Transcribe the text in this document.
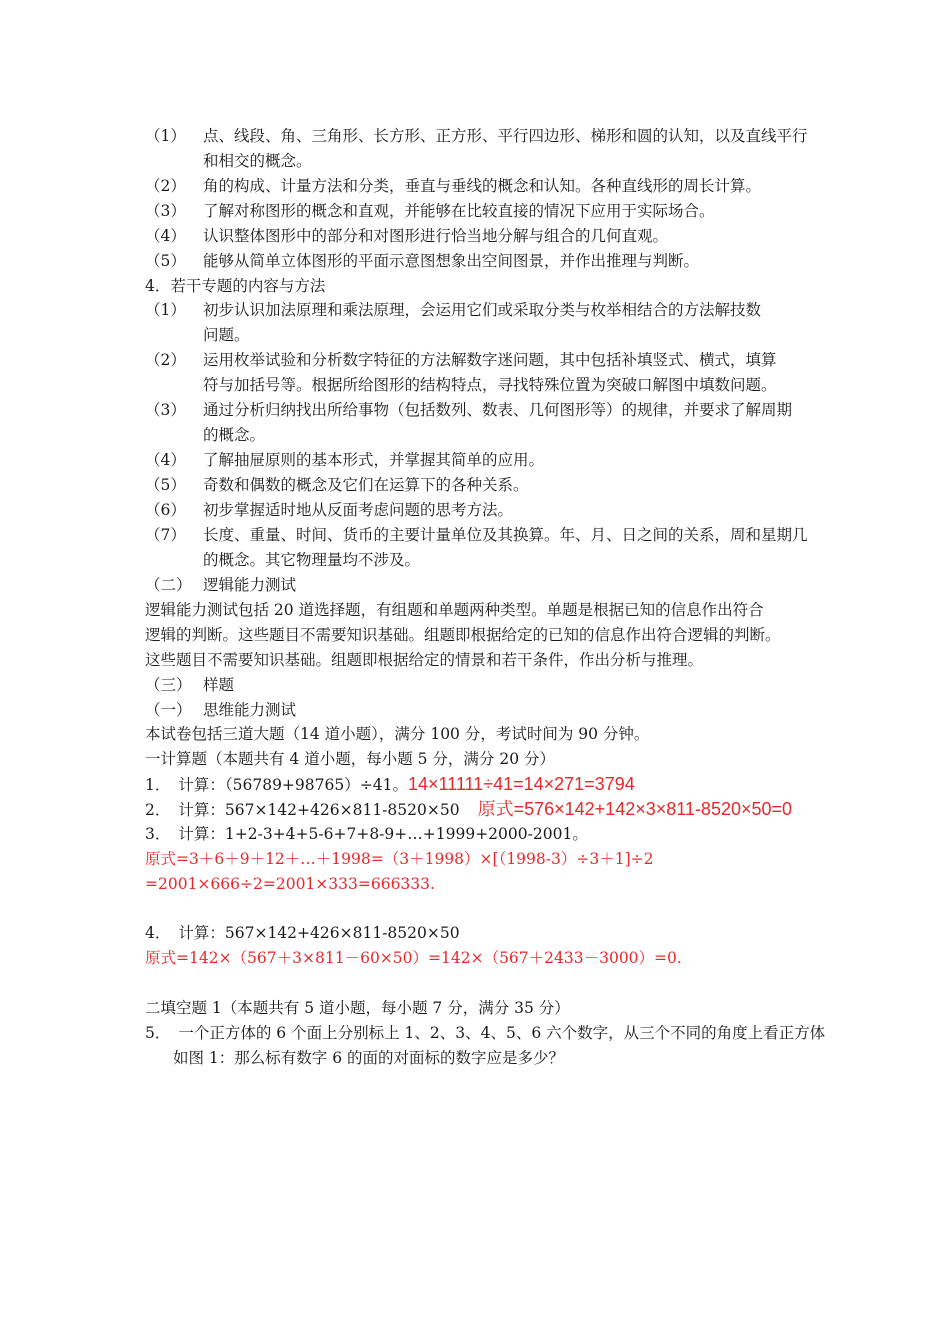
（1） 点、线段、角、三角形、长方形、正方形、平行四边形、梯形和圆的认知，以及直线平行
和相交的概念。
（2） 角的构成、计量方法和分类，垂直与垂线的概念和认知。各种直线形的周长计算。
（3） 了解对称图形的概念和直观，并能够在比较直接的情况下应用于实际场合。
（4） 认识整体图形中的部分和对图形进行恰当地分解与组合的几何直观。
（5） 能够从简单立体图形的平面示意图想象出空间图景，并作出推理与判断。
4．若干专题的内容与方法
（1） 初步认识加法原理和乘法原理，会运用它们或采取分类与枚举相结合的方法解技数
问题。
（2） 运用枚举试验和分析数字特征的方法解数字迷问题，其中包括补填竖式、横式，填算
符与加括号等。根据所给图形的结构特点，寻找特殊位置为突破口解图中填数问题。
（3） 通过分析归纳找出所给事物（包括数列、数表、几何图形等）的规律，并要求了解周期
的概念。
（4） 了解抽屉原则的基本形式，并掌握其简单的应用。
（5） 奇数和偶数的概念及它们在运算下的各种关系。
（6） 初步掌握适时地从反面考虑问题的思考方法。
（7） 长度、重量、时间、货币的主要计量单位及其换算。年、月、日之间的关系，周和星期几
的概念。其它物理量均不涉及。
（二） 逻辑能力测试
逻辑能力测试包括 20 道选择题，有组题和单题两种类型。单题是根据已知的信息作出符合
逻辑的判断。这些题目不需要知识基础。组题即根据给定的已知的信息作出符合逻辑的判断。
这些题目不需要知识基础。组题即根据给定的情景和若干条件，作出分析与推理。
（三） 样题
（一） 思维能力测试
本试卷包括三道大题（14 道小题），满分 100 分，考试时间为 90 分钟。
一计算题（本题共有 4 道小题，每小题 5 分，满分 20 分）
1． 计算：（56789+98765）÷41。14×11111÷41=14×271=3794
2． 计算：567×142+426×811-8520×50 原式=576×142+142×3×811-8520×50=0
3． 计算：1+2-3+4+5-6+7+8-9+…+1999+2000-2001。
原式=3＋6＋9＋12＋…＋1998=（3＋1998）×[（1998-3）÷3＋1]÷2
=2001×666÷2=2001×333=666333.
4． 计算：567×142+426×811-8520×50
原式=142×（567＋3×811－60×50）=142×（567＋2433－3000）=0.
二填空题 1（本题共有 5 道小题，每小题 7 分，满分 35 分）
5． 一个正方体的 6 个面上分别标上 1、2、3、4、5、6 六个数字，从三个不同的角度上看正方体
如图 1：那么标有数字 6 的面的对面标的数字应是多少？
